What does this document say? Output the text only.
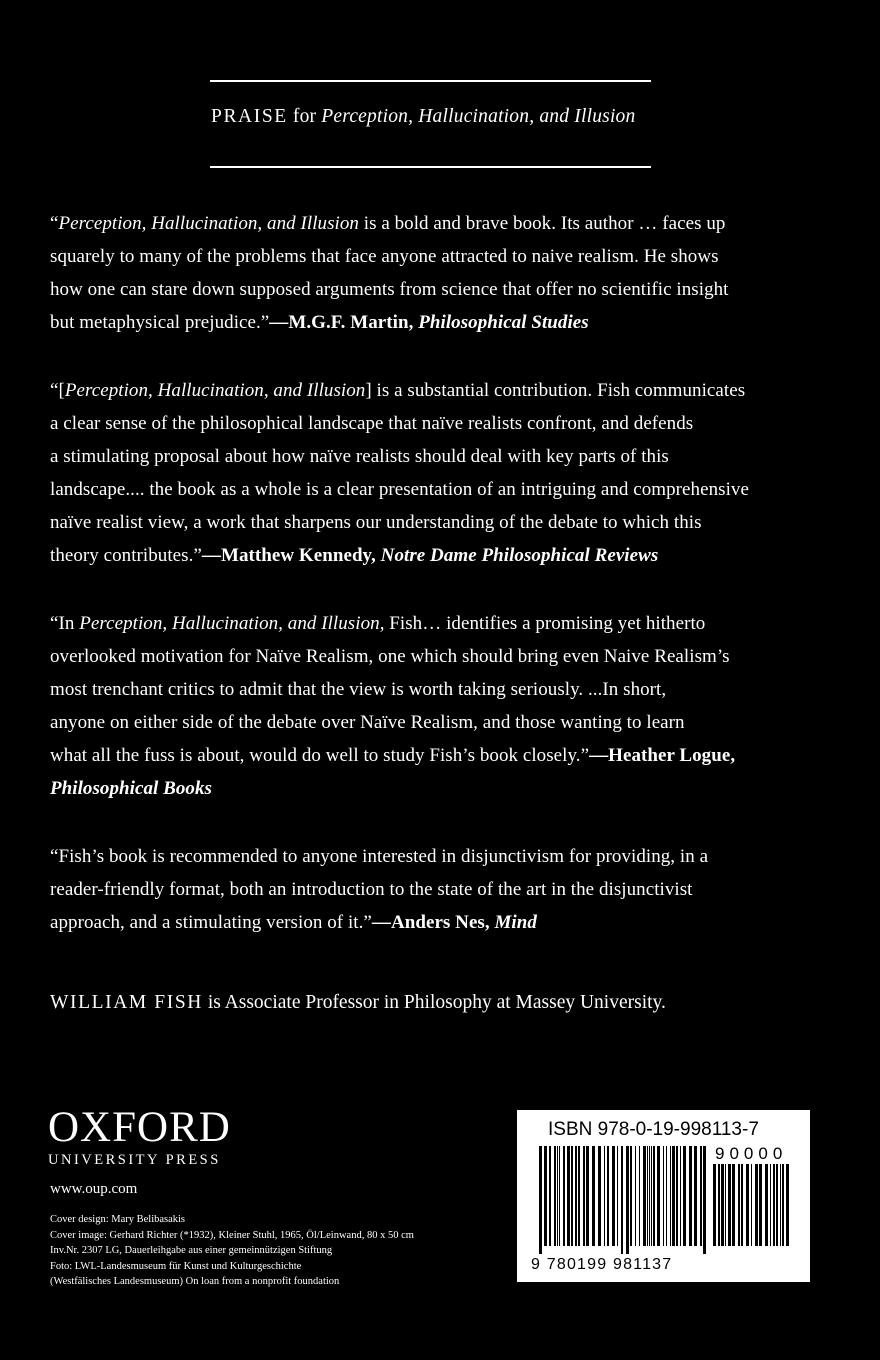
PRAISE for Perception, Hallucination, and Illusion
“Perception, Hallucination, and Illusion is a bold and brave book. Its author … faces up
squarely to many of the problems that face anyone attracted to naive realism. He shows
how one can stare down supposed arguments from science that offer no scientific insight
but metaphysical prejudice.”—M.G.F. Martin, Philosophical Studies
“[Perception, Hallucination, and Illusion] is a substantial contribution. Fish communicates
a clear sense of the philosophical landscape that naïve realists confront, and defends
a stimulating proposal about how naïve realists should deal with key parts of this
landscape.... the book as a whole is a clear presentation of an intriguing and comprehensive
naïve realist view, a work that sharpens our understanding of the debate to which this
theory contributes.”—Matthew Kennedy, Notre Dame Philosophical Reviews
“In Perception, Hallucination, and Illusion, Fish… identifies a promising yet hitherto
overlooked motivation for Naïve Realism, one which should bring even Naive Realism’s
most trenchant critics to admit that the view is worth taking seriously. ...In short,
anyone on either side of the debate over Naïve Realism, and those wanting to learn
what all the fuss is about, would do well to study Fish’s book closely.”—Heather Logue,
Philosophical Books
“Fish’s book is recommended to anyone interested in disjunctivism for providing, in a
reader-friendly format, both an introduction to the state of the art in the disjunctivist
approach, and a stimulating version of it.”—Anders Nes, Mind
WILLIAM FISH is Associate Professor in Philosophy at Massey University.
OXFORD
UNIVERSITY PRESS
www.oup.com
Cover design: Mary Belibasakis
Cover image: Gerhard Richter (*1932), Kleiner Stuhl, 1965, Öl/Leinwand, 80 x 50 cm
Inv.Nr. 2307 LG, Dauerleihgabe aus einer gemeinnützigen Stiftung
Foto: LWL-Landesmuseum für Kunst und Kulturgeschichte
(Westfälisches Landesmuseum) On loan from a nonprofit foundation
ISBN 978-0-19-998113-7
90000
9 780199 981137
